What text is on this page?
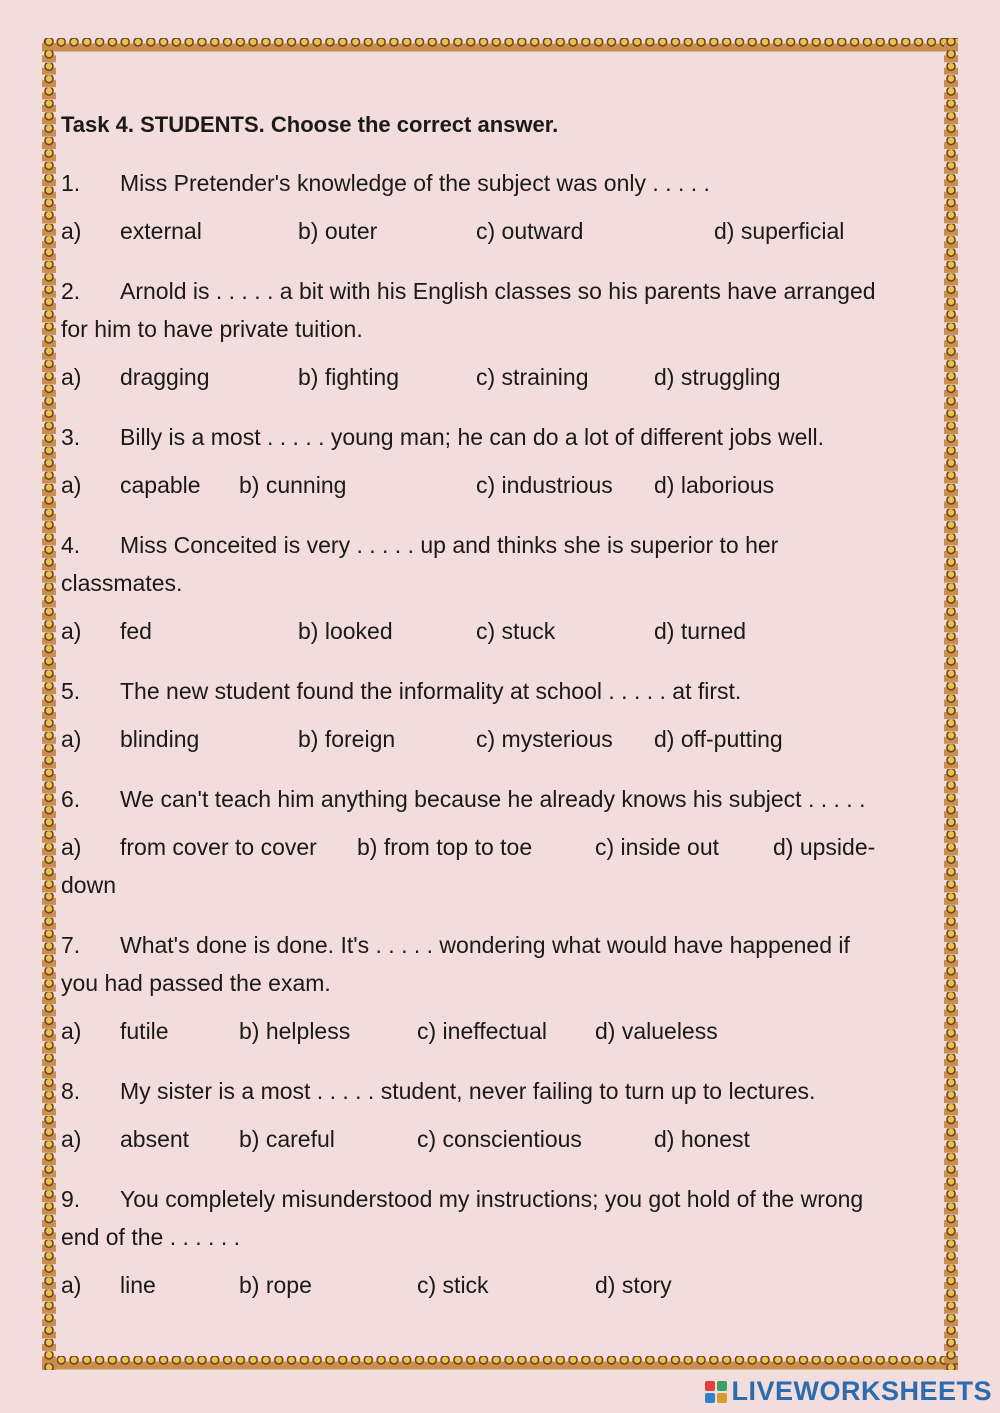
Task 4. STUDENTS. Choose the correct answer.
1. Miss Pretender's knowledge of the subject was only . . . . .
a) external	b) outer	c) outward	d) superficial
2. Arnold is . . . . . a bit with his English classes so his parents have arranged
for him to have private tuition.
a) dragging	b) fighting	c) straining	d) struggling
3. Billy is a most . . . . . young man; he can do a lot of different jobs well.
a) capable b) cunning	c) industrious d) laborious
4. Miss Conceited is very . . . . . up and thinks she is superior to her
classmates.
a) fed	b) looked	c) stuck	d) turned
5. The new student found the informality at school . . . . . at first.
a) blinding	b) foreign	c) mysterious d) off-putting
6. We can't teach him anything because he already knows his subject . . . . .
a) from cover to cover b) from top to toe	c) inside out d) upside-
down
7. What's done is done. It's . . . . . wondering what would have happened if
you had passed the exam.
a) futile	b) helpless	c) ineffectual d) valueless
8. My sister is a most . . . . . student, never failing to turn up to lectures.
a) absent b) careful	c) conscientious	d) honest
9. You completely misunderstood my instructions; you got hold of the wrong
end of the . . . . . .
a) line	b) rope	c) stick	d) story
LIVEWORKSHEETS
